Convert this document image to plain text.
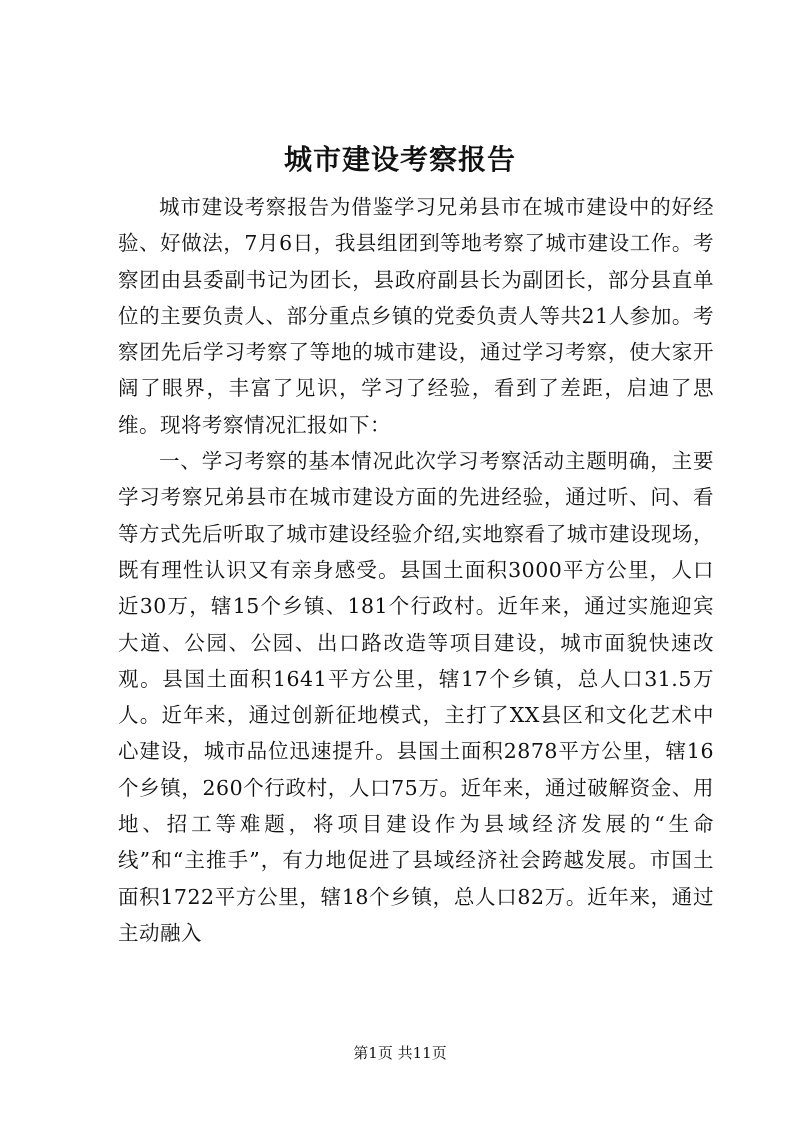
城市建设考察报告

城市建设考察报告为借鉴学习兄弟县市在城市建设中的好经验、好做法，7月6日，我县组团到等地考察了城市建设工作。考察团由县委副书记为团长，县政府副县长为副团长，部分县直单位的主要负责人、部分重点乡镇的党委负责人等共21人参加。考察团先后学习考察了等地的城市建设，通过学习考察，使大家开阔了眼界，丰富了见识，学习了经验，看到了差距，启迪了思维。现将考察情况汇报如下：

一、学习考察的基本情况此次学习考察活动主题明确，主要学习考察兄弟县市在城市建设方面的先进经验，通过听、问、看等方式先后听取了城市建设经验介绍,实地察看了城市建设现场，既有理性认识又有亲身感受。县国土面积3000平方公里，人口近30万，辖15个乡镇、181个行政村。近年来，通过实施迎宾大道、公园、公园、出口路改造等项目建设，城市面貌快速改观。县国土面积1641平方公里，辖17个乡镇，总人口31.5万人。近年来，通过创新征地模式，主打了XX县区和文化艺术中心建设，城市品位迅速提升。县国土面积2878平方公里，辖16个乡镇，260个行政村，人口75万。近年来，通过破解资金、用地、招工等难题，将项目建设作为县域经济发展的“生命线”和“主推手”，有力地促进了县域经济社会跨越发展。市国土面积1722平方公里，辖18个乡镇，总人口82万。近年来，通过主动融入

第1页 共11页
